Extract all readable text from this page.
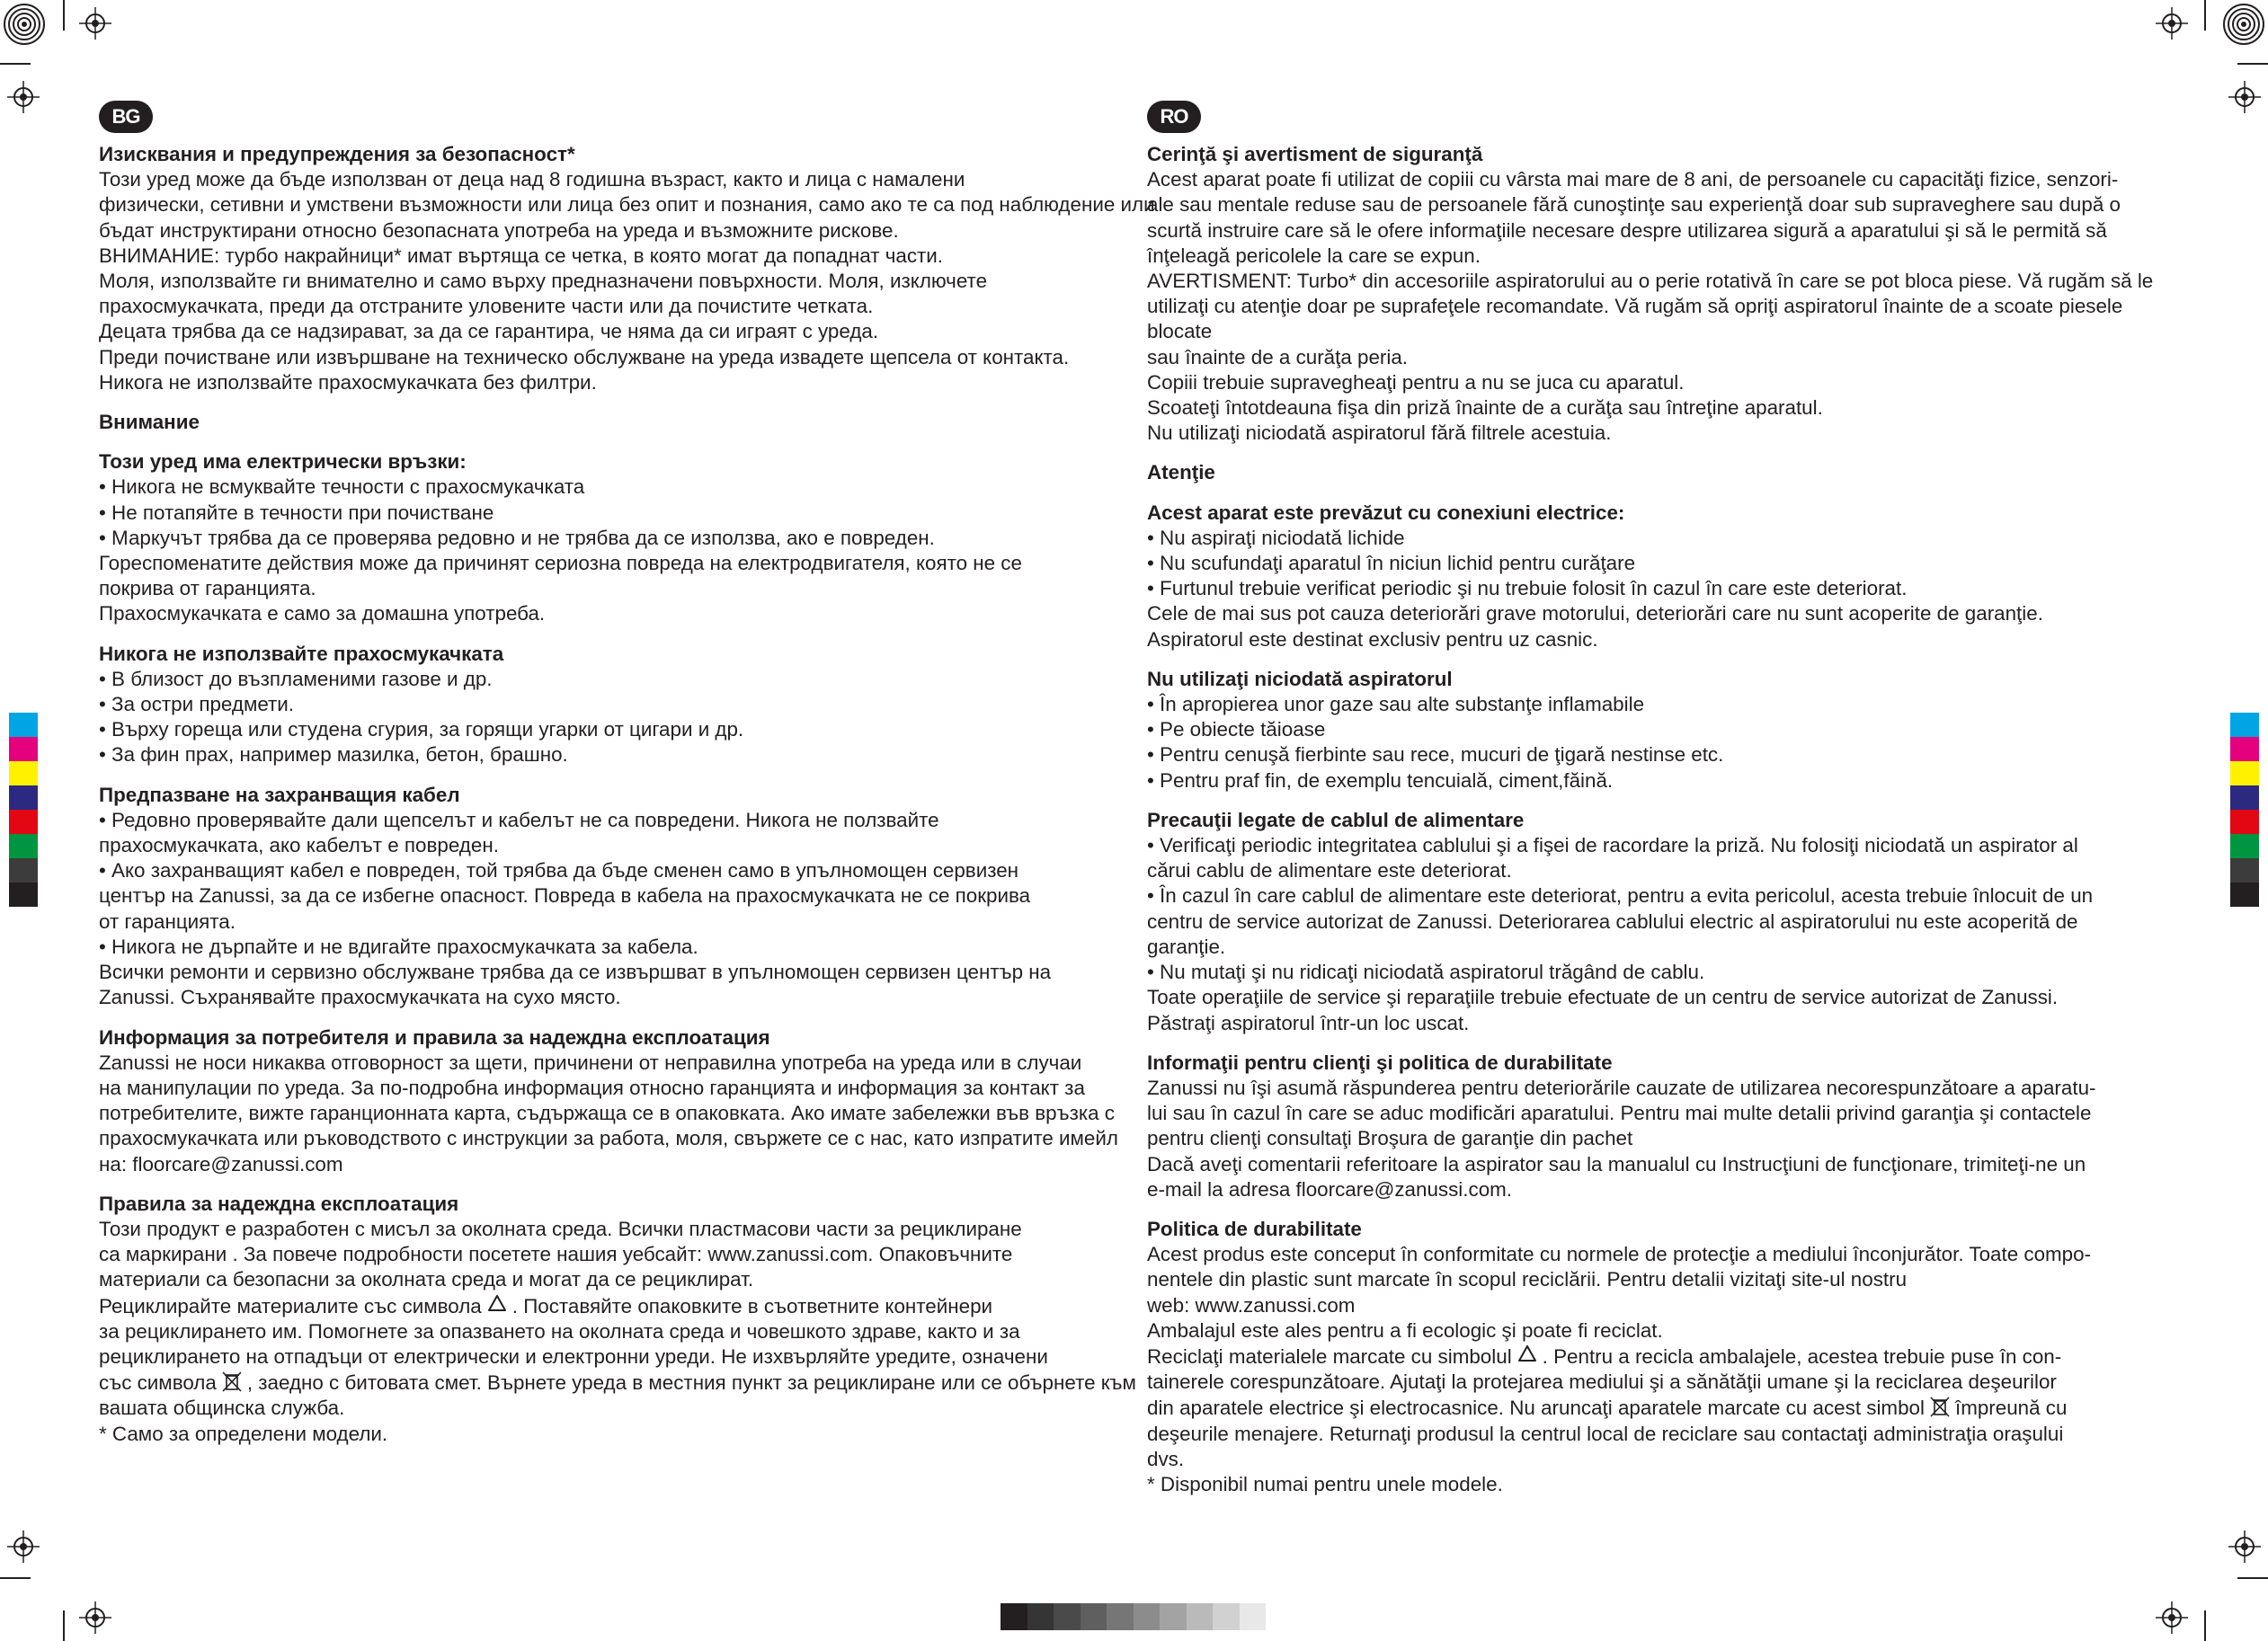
BG	RO
Изисквания и предупреждения за безопасност*

Този уред може да бъде използван от деца над 8 годишна възраст, както и лица с намалени

физически, сетивни и умствени възможности или лица без опит и познания, само ако те са под наблюдение или

бъдат инструктирани относно безопасната употреба на уреда и възможните рискове.

ВНИМАНИЕ: турбо накрайници* имат въртяща се четка, в която могат да попаднат части.

Моля, използвайте ги внимателно и само върху предназначени повърхности. Моля, изключете

прахосмукачката, преди да отстраните уловените части или да почистите четката.

Децата трябва да се надзирават, за да се гарантира, че няма да си играят с уреда.

Преди почистване или извършване на техническо обслужване на уреда извадете щепсела от контакта.

Никога не използвайте прахосмукачката без филтри.

Внимание
Този уред има електрически връзки:

• Никога не всмуквайте течности с прахосмукачката

• Не потапяйте в течности при почистване

• Маркучът трябва да се проверява редовно и не трябва да се използва, ако е повреден.

Гореспоменатите действия може да причинят сериозна повреда на електродвигателя, която не се

покрива от гаранцията.

Прахосмукачката е само за домашна употреба.

Никога не използвайте прахосмукачката

• В близост до възпламеними газове и др.

• За остри предмети.

• Върху гореща или студена сгурия, за горящи угарки от цигари и др.

• За фин прах, например мазилка, бетон, брашно.

Предпазване на захранващия кабел

• Редовно проверявайте дали щепселът и кабелът не са повредени. Никога не ползвайте

прахосмукачката, ако кабелът е повреден.

• Ако захранващият кабел е повреден, той трябва да бъде сменен само в упълномощен сервизен

център на Zanussi, за да се избегне опасност. Повреда в кабела на прахосмукачката не се покрива

от гаранцията.

• Никога не дърпайте и не вдигайте прахосмукачката за кабела.

Всички ремонти и сервизно обслужване трябва да се извършват в упълномощен сервизен център на

Zanussi. Съхранявайте прахосмукачката на сухо място.

Информация за потребителя и правила за надеждна експлоатация

Zanussi не носи никаква отговорност за щети, причинени от неправилна употреба на уреда или в случаи

на манипулации по уреда. За по-подробна информация относно гаранцията и информация за контакт за

потребителите, вижте гаранционната карта, съдържаща се в опаковката. Ако имате забележки във връзка с

прахосмукачката или ръководството с инструкции за работа, моля, свържете се с нас, като изпратите имейл

на: floorcare@zanussi.com

Правила за надеждна експлоатация

Този продукт е разработен с мисъл за околната среда. Всички пластмасови части за рециклиране

са маркирани . За повече подробности посетете нашия уебсайт: www.zanussi.com. Опаковъчните

материали са безопасни за околната среда и могат да се рециклират.

Рециклирайте материалите със символа . Поставяйте опаковките в съответните контейнери

за рециклирането им. Помогнете за опазването на околната среда и човешкото здраве, както и за

рециклирането на отпадъци от електрически и електронни уреди. Не изхвърляйте уредите, означени

със символа , заедно с битовата смет. Върнете уреда в местния пункт за рециклиране или се обърнете към

вашата общинска служба.

* Само за определени модели.

Cerinţă şi avertisment de siguranţă

Acest aparat poate fi utilizat de copiii cu vârsta mai mare de 8 ani, de persoanele cu capacităţi fizice, senzori-

ale sau mentale reduse sau de persoanele fără cunoştinţe sau experienţă doar sub supraveghere sau după o

scurtă instruire care să le ofere informaţiile necesare despre utilizarea sigură a aparatului şi să le permită să

înţeleagă pericolele la care se expun.

AVERTISMENT: Turbo* din accesoriile aspiratorului au o perie rotativă în care se pot bloca piese. Vă rugăm să le

utilizaţi cu atenţie doar pe suprafeţele recomandate. Vă rugăm să opriţi aspiratorul înainte de a scoate piesele blocate

sau înainte de a curăţa peria.

Copiii trebuie supravegheaţi pentru a nu se juca cu aparatul.

Scoateţi întotdeauna fişa din priză înainte de a curăţa sau întreţine aparatul.

Nu utilizaţi niciodată aspiratorul fără filtrele acestuia.

Atenţie
Acest aparat este prevăzut cu conexiuni electrice:

• Nu aspiraţi niciodată lichide

• Nu scufundaţi aparatul în niciun lichid pentru curăţare

• Furtunul trebuie verificat periodic şi nu trebuie folosit în cazul în care este deteriorat.

Cele de mai sus pot cauza deteriorări grave motorului, deteriorări care nu sunt acoperite de garanţie.

Aspiratorul este destinat exclusiv pentru uz casnic.

Nu utilizaţi niciodată aspiratorul

• În apropierea unor gaze sau alte substanţe inflamabile

• Pe obiecte tăioase

• Pentru cenuşă fierbinte sau rece, mucuri de ţigară nestinse etc.

• Pentru praf fin, de exemplu tencuială, ciment,făină.

Precauţii legate de cablul de alimentare

• Verificaţi periodic integritatea cablului şi a fişei de racordare la priză. Nu folosiţi niciodată un aspirator al

cărui cablu de alimentare este deteriorat.

• În cazul în care cablul de alimentare este deteriorat, pentru a evita pericolul, acesta trebuie înlocuit de un

centru de service autorizat de Zanussi. Deteriorarea cablului electric al aspiratorului nu este acoperită de

garanţie.

• Nu mutaţi şi nu ridicaţi niciodată aspiratorul trăgând de cablu.

Toate operaţiile de service şi reparaţiile trebuie efectuate de un centru de service autorizat de Zanussi.

Păstraţi aspiratorul într-un loc uscat.

Informaţii pentru clienţi şi politica de durabilitate

Zanussi nu îşi asumă răspunderea pentru deteriorările cauzate de utilizarea necorespunzătoare a aparatu-

lui sau în cazul în care se aduc modificări aparatului. Pentru mai multe detalii privind garanţia şi contactele

pentru clienţi consultaţi Broşura de garanţie din pachet

Dacă aveţi comentarii referitoare la aspirator sau la manualul cu Instrucţiuni de funcţionare, trimiteţi-ne un

e-mail la adresa floorcare@zanussi.com.

Politica de durabilitate

Acest produs este conceput în conformitate cu normele de protecţie a mediului înconjurător. Toate compo-

nentele din plastic sunt marcate în scopul reciclării. Pentru detalii vizitaţi site-ul nostru

web: www.zanussi.com

Ambalajul este ales pentru a fi ecologic şi poate fi reciclat.

Reciclaţi materialele marcate cu simbolul . Pentru a recicla ambalajele, acestea trebuie puse în con-

tainerele corespunzătoare. Ajutaţi la protejarea mediului şi a sănătăţii umane şi la reciclarea deşeurilor

din aparatele electrice şi electrocasnice. Nu aruncaţi aparatele marcate cu acest simbol împreună cu

deşeurile menajere. Returnaţi produsul la centrul local de reciclare sau contactaţi administraţia oraşului

dvs.

* Disponibil numai pentru unele modele.
